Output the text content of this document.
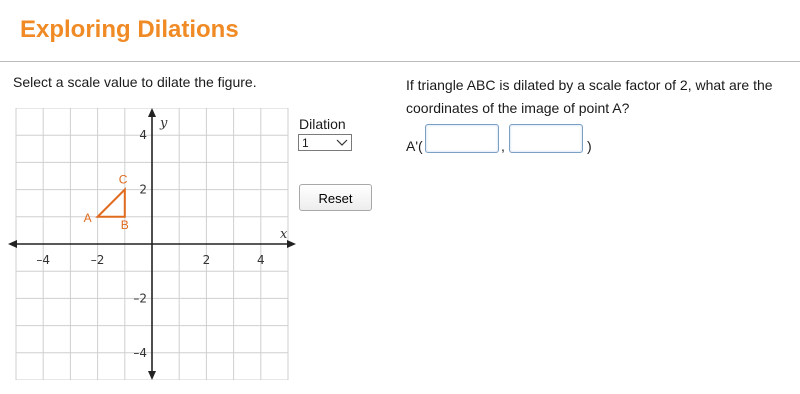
Exploring Dilations
Select a scale value to dilate the figure.
x
y
–4	–2	2	4
4
2
–2
–4
A B
C
Dilation
1
Reset
If triangle ABC is dilated by a scale factor of 2, what are the coordinates of the image of point A?
A'(	,	)
